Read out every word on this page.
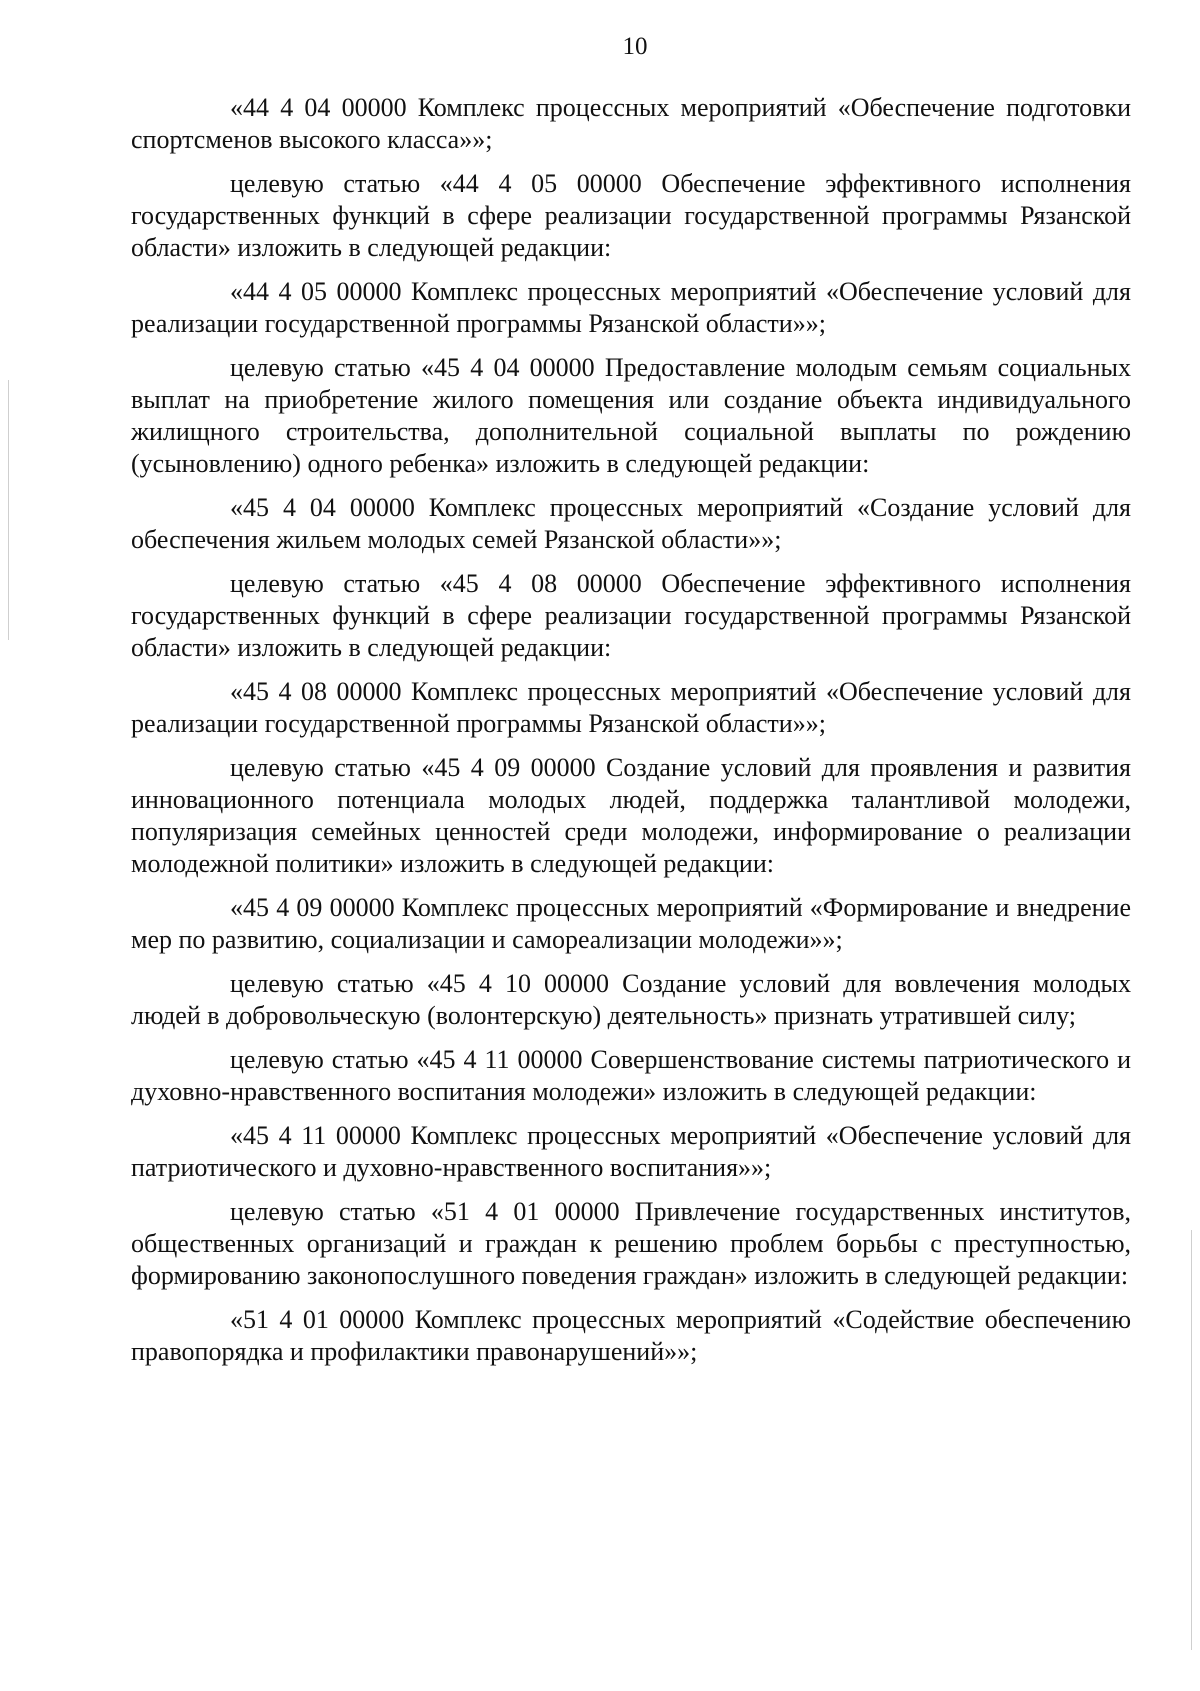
10

«44 4 04 00000 Комплекс процессных мероприятий «Обеспечение подготовки спортсменов высокого класса»»;

целевую статью «44 4 05 00000 Обеспечение эффективного исполнения государственных функций в сфере реализации государственной программы Рязанской области» изложить в следующей редакции:

«44 4 05 00000 Комплекс процессных мероприятий «Обеспечение условий для реализации государственной программы Рязанской области»»;

целевую статью «45 4 04 00000 Предоставление молодым семьям социальных выплат на приобретение жилого помещения или создание объекта индивидуального жилищного строительства, дополнительной социальной выплаты по рождению (усыновлению) одного ребенка» изложить в следующей редакции:

«45 4 04 00000 Комплекс процессных мероприятий «Создание условий для обеспечения жильем молодых семей Рязанской области»»;

целевую статью «45 4 08 00000 Обеспечение эффективного исполнения государственных функций в сфере реализации государственной программы Рязанской области» изложить в следующей редакции:

«45 4 08 00000 Комплекс процессных мероприятий «Обеспечение условий для реализации государственной программы Рязанской области»»;

целевую статью «45 4 09 00000 Создание условий для проявления и развития инновационного потенциала молодых людей, поддержка талантливой молодежи, популяризация семейных ценностей среди молодежи, информирование о реализации молодежной политики» изложить в следующей редакции:

«45 4 09 00000 Комплекс процессных мероприятий «Формирование и внедрение мер по развитию, социализации и самореализации молодежи»»;

целевую статью «45 4 10 00000 Создание условий для вовлечения молодых людей в добровольческую (волонтерскую) деятельность» признать утратившей силу;

целевую статью «45 4 11 00000 Совершенствование системы патриотического и духовно-нравственного воспитания молодежи» изложить в следующей редакции:

«45 4 11 00000 Комплекс процессных мероприятий «Обеспечение условий для патриотического и духовно-нравственного воспитания»»;

целевую статью «51 4 01 00000 Привлечение государственных институтов, общественных организаций и граждан к решению проблем борьбы с преступностью, формированию законопослушного поведения граждан» изложить в следующей редакции:

«51 4 01 00000 Комплекс процессных мероприятий «Содействие обеспечению правопорядка и профилактики правонарушений»»;
